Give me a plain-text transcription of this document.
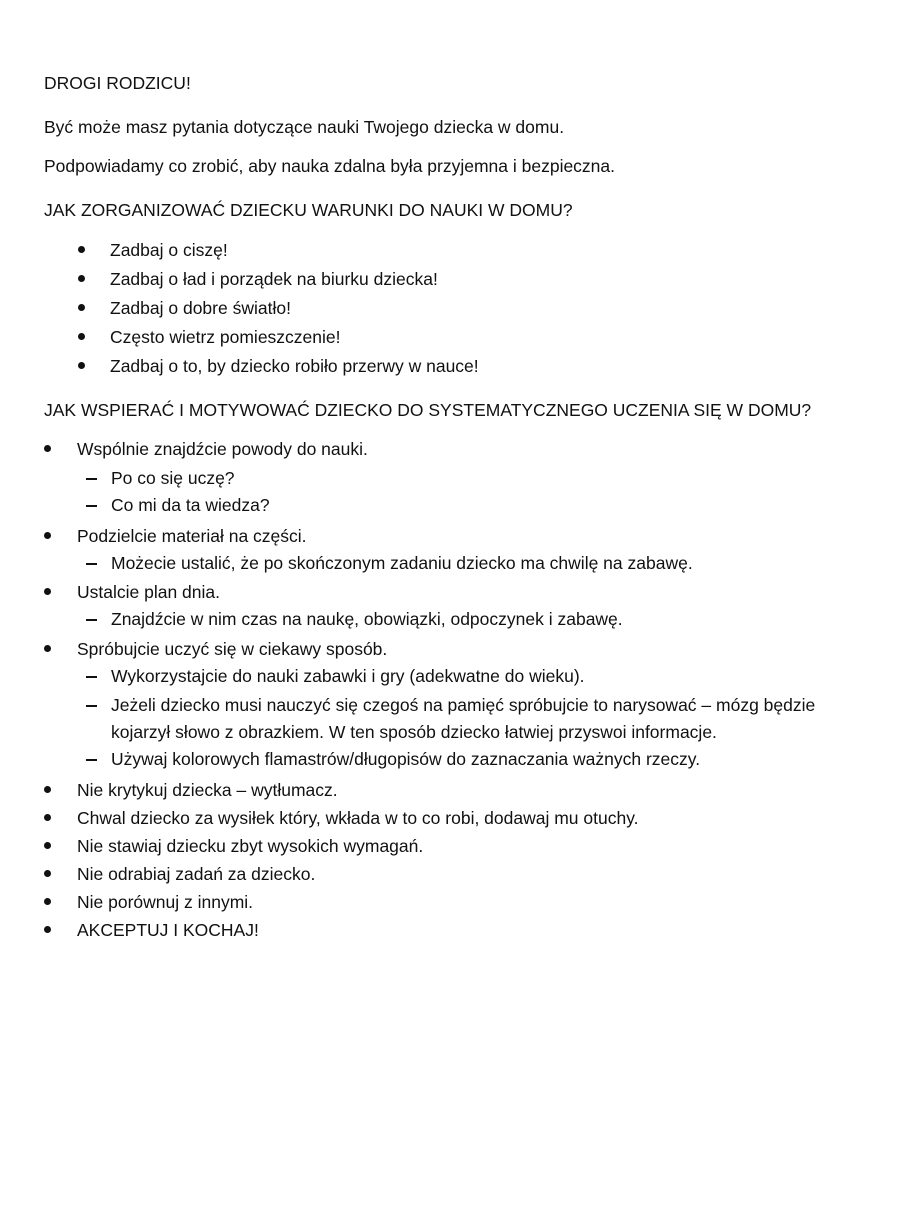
DROGI RODZICU!
Być może masz pytania dotyczące nauki Twojego dziecka w domu.
Podpowiadamy co zrobić, aby nauka zdalna była przyjemna i bezpieczna.
JAK ZORGANIZOWAĆ DZIECKU WARUNKI DO NAUKI W DOMU?
Zadbaj o ciszę!
Zadbaj o ład i porządek na biurku dziecka!
Zadbaj o dobre światło!
Często wietrz pomieszczenie!
Zadbaj o to, by dziecko robiło przerwy w nauce!
JAK WSPIERAĆ I MOTYWOWAĆ DZIECKO DO SYSTEMATYCZNEGO UCZENIA SIĘ W DOMU?
Wspólnie znajdźcie powody do nauki.
Po co się uczę?
Co mi da ta wiedza?
Podzielcie materiał na części.
Możecie ustalić, że po skończonym zadaniu dziecko ma chwilę na zabawę.
Ustalcie plan dnia.
Znajdźcie w nim czas na naukę, obowiązki, odpoczynek i zabawę.
Spróbujcie uczyć się w ciekawy sposób.
Wykorzystajcie do nauki zabawki i gry (adekwatne do wieku).
Jeżeli dziecko musi nauczyć się czegoś na pamięć spróbujcie to narysować – mózg będzie
kojarzył słowo z obrazkiem. W ten sposób dziecko łatwiej przyswoi informacje.
Używaj kolorowych flamastrów/długopisów do zaznaczania ważnych rzeczy.
Nie krytykuj dziecka – wytłumacz.
Chwal dziecko za wysiłek który, wkłada w to co robi, dodawaj mu otuchy.
Nie stawiaj dziecku zbyt wysokich wymagań.
Nie odrabiaj zadań za dziecko.
Nie porównuj z innymi.
AKCEPTUJ I KOCHAJ!
